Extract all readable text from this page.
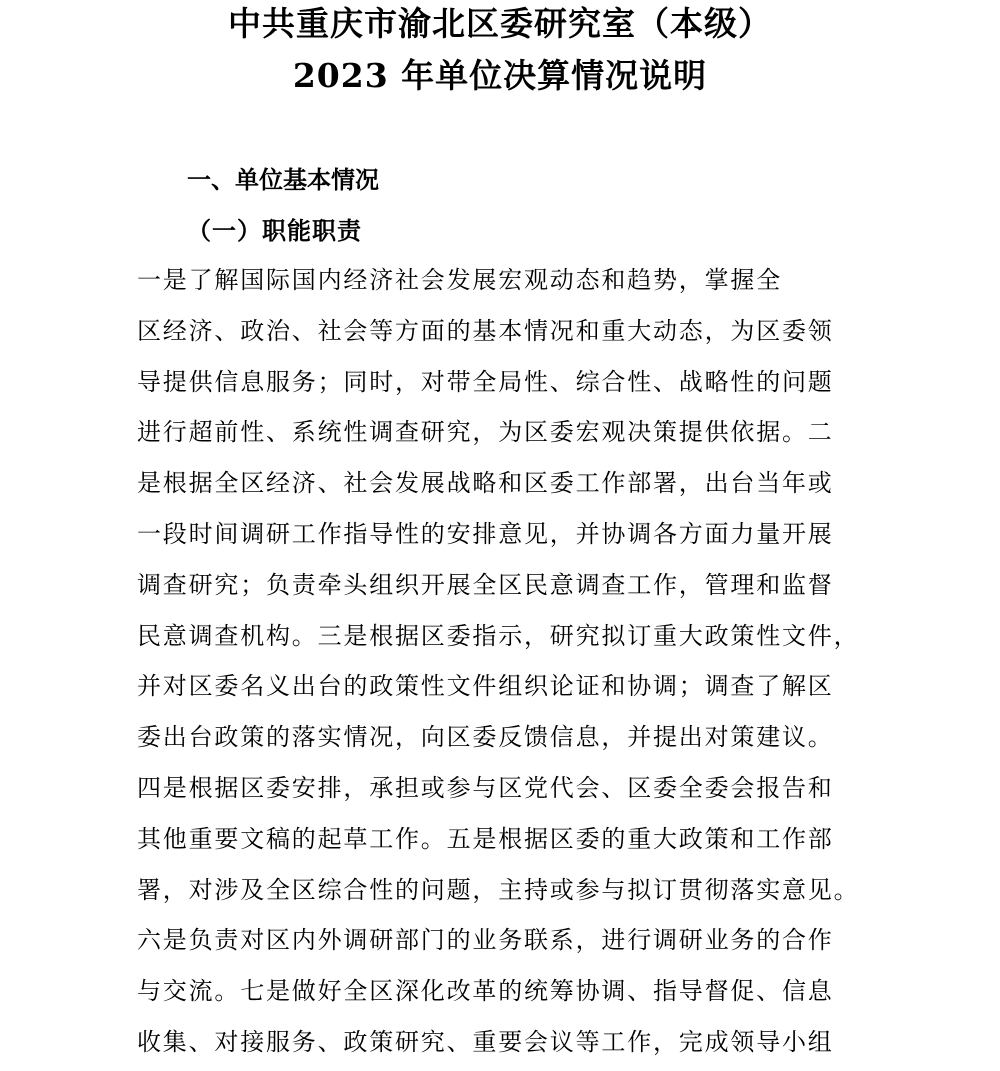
中共重庆市渝北区委研究室（本级）
2023 年单位决算情况说明
一、单位基本情况
（一）职能职责
一是了解国际国内经济社会发展宏观动态和趋势，掌握全
区经济、政治、社会等方面的基本情况和重大动态，为区委领
导提供信息服务；同时，对带全局性、综合性、战略性的问题
进行超前性、系统性调查研究，为区委宏观决策提供依据。二
是根据全区经济、社会发展战略和区委工作部署，出台当年或
一段时间调研工作指导性的安排意见，并协调各方面力量开展
调查研究；负责牵头组织开展全区民意调查工作，管理和监督
民意调查机构。三是根据区委指示，研究拟订重大政策性文件，
并对区委名义出台的政策性文件组织论证和协调；调查了解区
委出台政策的落实情况，向区委反馈信息，并提出对策建议。
四是根据区委安排，承担或参与区党代会、区委全委会报告和
其他重要文稿的起草工作。五是根据区委的重大政策和工作部
署，对涉及全区综合性的问题，主持或参与拟订贯彻落实意见。
六是负责对区内外调研部门的业务联系，进行调研业务的合作
与交流。七是做好全区深化改革的统筹协调、指导督促、信息
收集、对接服务、政策研究、重要会议等工作，完成领导小组
